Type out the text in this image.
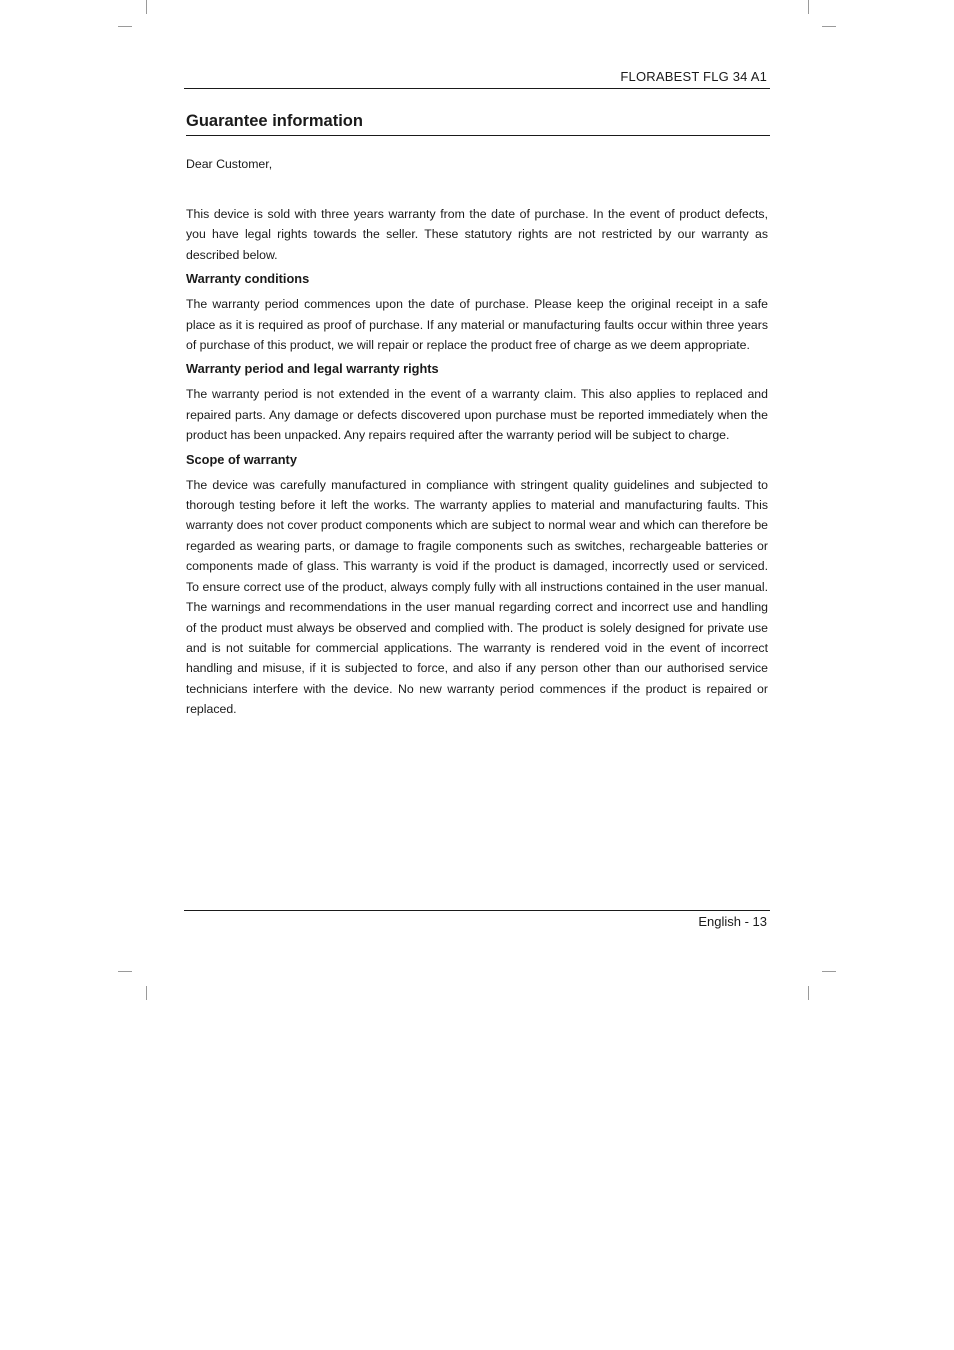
FLORABEST FLG 34 A1
Guarantee information

Dear Customer,

This device is sold with three years warranty from the date of purchase. In the event of product defects, you have legal rights towards the seller. These statutory rights are not restricted by our warranty as described below.

Warranty conditions

The warranty period commences upon the date of purchase. Please keep the original receipt in a safe place as it is required as proof of purchase. If any material or manufacturing faults occur within three years of purchase of this product, we will repair or replace the product free of charge as we deem appropriate.

Warranty period and legal warranty rights

The warranty period is not extended in the event of a warranty claim. This also applies to replaced and repaired parts. Any damage or defects discovered upon purchase must be reported immediately when the product has been unpacked. Any repairs required after the warranty period will be subject to charge.

Scope of warranty

The device was carefully manufactured in compliance with stringent quality guidelines and subjected to thorough testing before it left the works. The warranty applies to material and manufacturing faults. This warranty does not cover product components which are subject to normal wear and which can therefore be regarded as wearing parts, or damage to fragile components such as switches, rechargeable batteries or components made of glass. This warranty is void if the product is damaged, incorrectly used or serviced. To ensure correct use of the product, always comply fully with all instructions contained in the user manual. The warnings and recommendations in the user manual regarding correct and incorrect use and handling of the product must always be observed and complied with. The product is solely designed for private use and is not suitable for commercial applications. The warranty is rendered void in the event of incorrect handling and misuse, if it is subjected to force, and also if any person other than our authorised service technicians interfere with the device. No new warranty period commences if the product is repaired or replaced.

English - 13
